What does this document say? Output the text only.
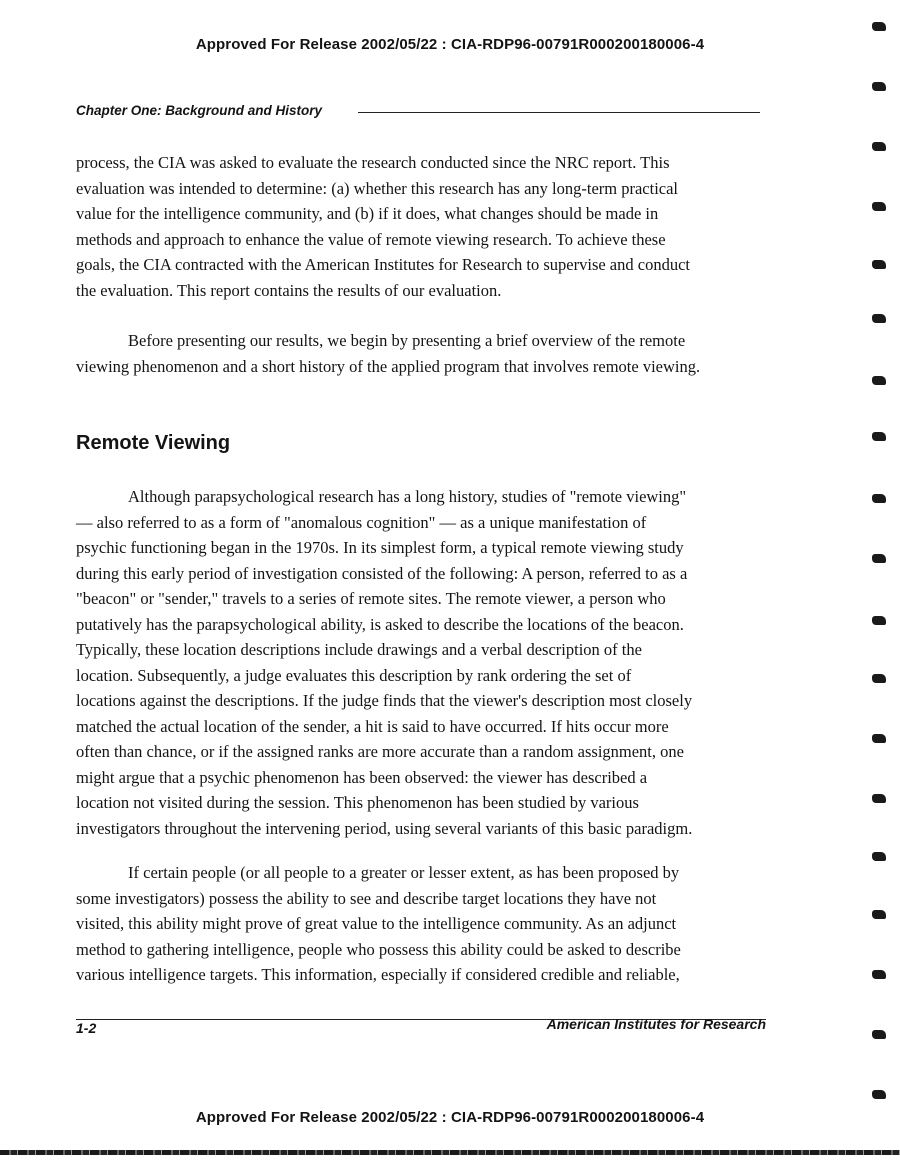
Approved For Release 2002/05/22 : CIA-RDP96-00791R000200180006-4
Chapter One: Background and History
process, the CIA was asked to evaluate the research conducted since the NRC report. This
evaluation was intended to determine: (a) whether this research has any long-term practical
value for the intelligence community, and (b) if it does, what changes should be made in
methods and approach to enhance the value of remote viewing research. To achieve these
goals, the CIA contracted with the American Institutes for Research to supervise and conduct
the evaluation. This report contains the results of our evaluation.
Before presenting our results, we begin by presenting a brief overview of the remote
viewing phenomenon and a short history of the applied program that involves remote viewing.
Remote Viewing
Although parapsychological research has a long history, studies of "remote viewing"
— also referred to as a form of "anomalous cognition" — as a unique manifestation of
psychic functioning began in the 1970s. In its simplest form, a typical remote viewing study
during this early period of investigation consisted of the following: A person, referred to as a
"beacon" or "sender," travels to a series of remote sites. The remote viewer, a person who
putatively has the parapsychological ability, is asked to describe the locations of the beacon.
Typically, these location descriptions include drawings and a verbal description of the
location. Subsequently, a judge evaluates this description by rank ordering the set of
locations against the descriptions. If the judge finds that the viewer's description most closely
matched the actual location of the sender, a hit is said to have occurred. If hits occur more
often than chance, or if the assigned ranks are more accurate than a random assignment, one
might argue that a psychic phenomenon has been observed: the viewer has described a
location not visited during the session. This phenomenon has been studied by various
investigators throughout the intervening period, using several variants of this basic paradigm.
If certain people (or all people to a greater or lesser extent, as has been proposed by
some investigators) possess the ability to see and describe target locations they have not
visited, this ability might prove of great value to the intelligence community. As an adjunct
method to gathering intelligence, people who possess this ability could be asked to describe
various intelligence targets. This information, especially if considered credible and reliable,
1-2	American Institutes for Research
Approved For Release 2002/05/22 : CIA-RDP96-00791R000200180006-4
